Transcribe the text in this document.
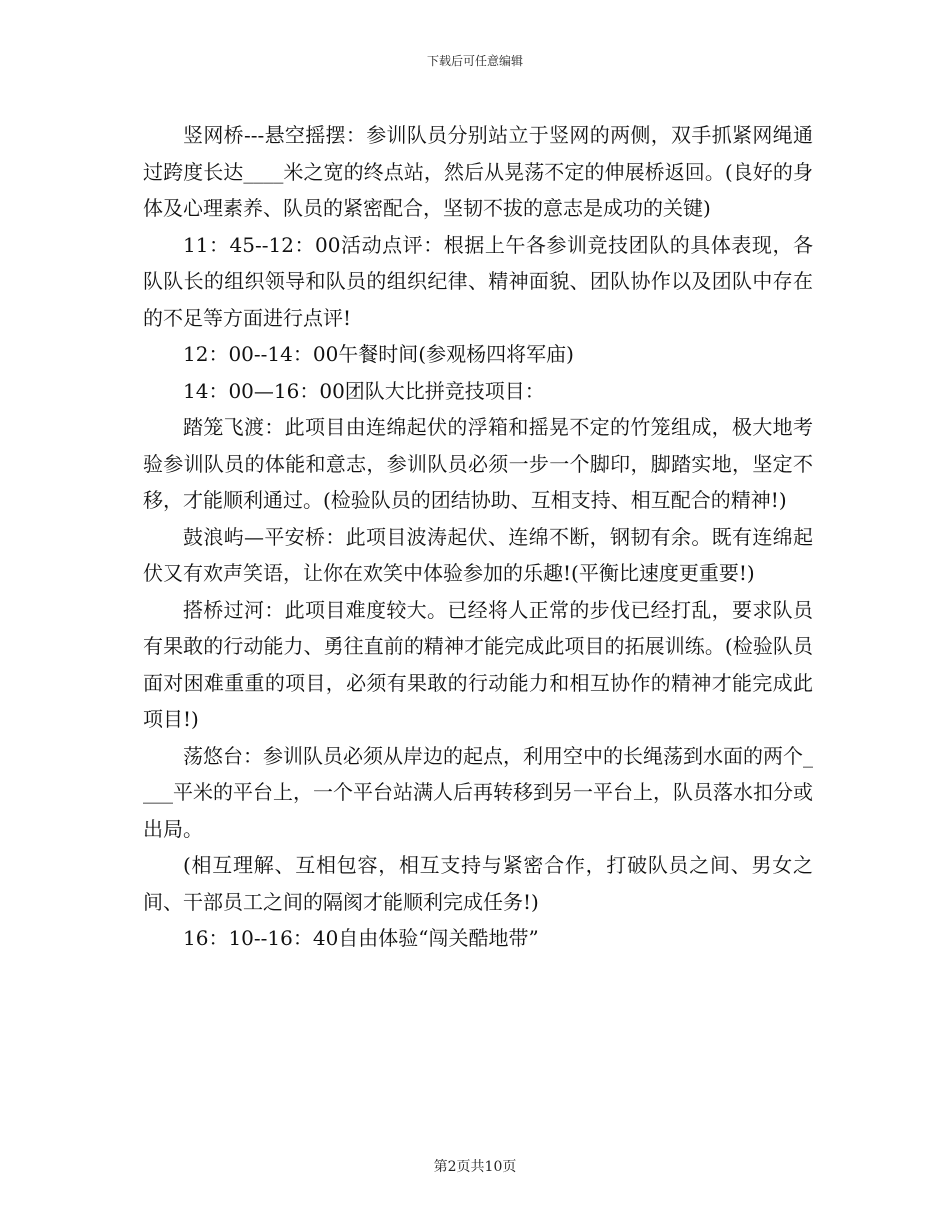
下载后可任意编辑

竖网桥---悬空摇摆：参训队员分别站立于竖网的两侧，双手抓紧网绳通过跨度长达____米之宽的终点站，然后从晃荡不定的伸展桥返回。(良好的身体及心理素养、队员的紧密配合，坚韧不拔的意志是成功的关键)

11：45--12：00活动点评：根据上午各参训竞技团队的具体表现，各队队长的组织领导和队员的组织纪律、精神面貌、团队协作以及团队中存在的不足等方面进行点评!

12：00--14：00午餐时间(参观杨四将军庙)

14：00—16：00团队大比拼竞技项目：

踏笼飞渡：此项目由连绵起伏的浮箱和摇晃不定的竹笼组成，极大地考验参训队员的体能和意志，参训队员必须一步一个脚印，脚踏实地，坚定不移，才能顺利通过。(检验队员的团结协助、互相支持、相互配合的精神!)

鼓浪屿—平安桥：此项目波涛起伏、连绵不断，钢韧有余。既有连绵起伏又有欢声笑语，让你在欢笑中体验参加的乐趣!(平衡比速度更重要!)

搭桥过河：此项目难度较大。已经将人正常的步伐已经打乱，要求队员有果敢的行动能力、勇往直前的精神才能完成此项目的拓展训练。(检验队员面对困难重重的项目，必须有果敢的行动能力和相互协作的精神才能完成此项目!)

荡悠台：参训队员必须从岸边的起点，利用空中的长绳荡到水面的两个____平米的平台上，一个平台站满人后再转移到另一平台上，队员落水扣分或出局。

(相互理解、互相包容，相互支持与紧密合作，打破队员之间、男女之间、干部员工之间的隔阂才能顺利完成任务!)

16：10--16：40自由体验“闯关酷地带”

第2页共10页
